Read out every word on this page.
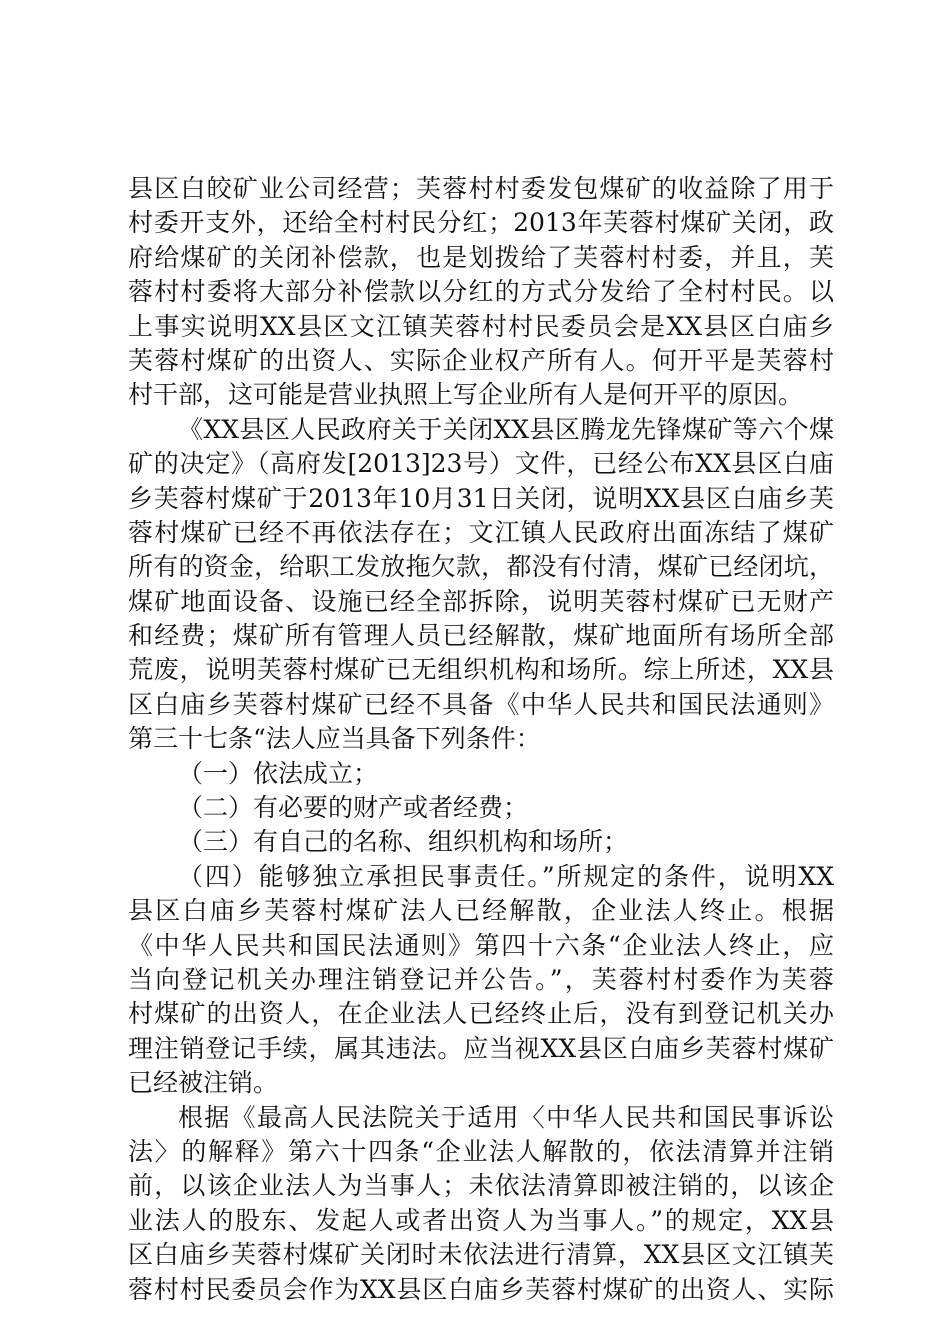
县区白皎矿业公司经营；芙蓉村村委发包煤矿的收益除了用于
村委开支外，还给全村村民分红；2013年芙蓉村煤矿关闭，政
府给煤矿的关闭补偿款，也是划拨给了芙蓉村村委，并且，芙
蓉村村委将大部分补偿款以分红的方式分发给了全村村民。以
上事实说明XX县区文江镇芙蓉村村民委员会是XX县区白庙乡
芙蓉村煤矿的出资人、实际企业权产所有人。何开平是芙蓉村
村干部，这可能是营业执照上写企业所有人是何开平的原因。
《XX县区人民政府关于关闭XX县区腾龙先锋煤矿等六个煤
矿的决定》（高府发[2013]23号）文件，已经公布XX县区白庙
乡芙蓉村煤矿于2013年10月31日关闭，说明XX县区白庙乡芙
蓉村煤矿已经不再依法存在；文江镇人民政府出面冻结了煤矿
所有的资金，给职工发放拖欠款，都没有付清，煤矿已经闭坑，
煤矿地面设备、设施已经全部拆除，说明芙蓉村煤矿已无财产
和经费；煤矿所有管理人员已经解散，煤矿地面所有场所全部
荒废，说明芙蓉村煤矿已无组织机构和场所。综上所述，XX县
区白庙乡芙蓉村煤矿已经不具备《中华人民共和国民法通则》
第三十七条“法人应当具备下列条件：
（一）依法成立；
（二）有必要的财产或者经费；
（三）有自己的名称、组织机构和场所；
（四）能够独立承担民事责任。”所规定的条件，说明XX
县区白庙乡芙蓉村煤矿法人已经解散，企业法人终止。根据
《中华人民共和国民法通则》第四十六条“企业法人终止，应
当向登记机关办理注销登记并公告。”，芙蓉村村委作为芙蓉
村煤矿的出资人，在企业法人已经终止后，没有到登记机关办
理注销登记手续，属其违法。应当视XX县区白庙乡芙蓉村煤矿
已经被注销。
根据《最高人民法院关于适用〈中华人民共和国民事诉讼
法〉的解释》第六十四条“企业法人解散的，依法清算并注销
前，以该企业法人为当事人；未依法清算即被注销的，以该企
业法人的股东、发起人或者出资人为当事人。”的规定，XX县
区白庙乡芙蓉村煤矿关闭时未依法进行清算，XX县区文江镇芙
蓉村村民委员会作为XX县区白庙乡芙蓉村煤矿的出资人、实际
